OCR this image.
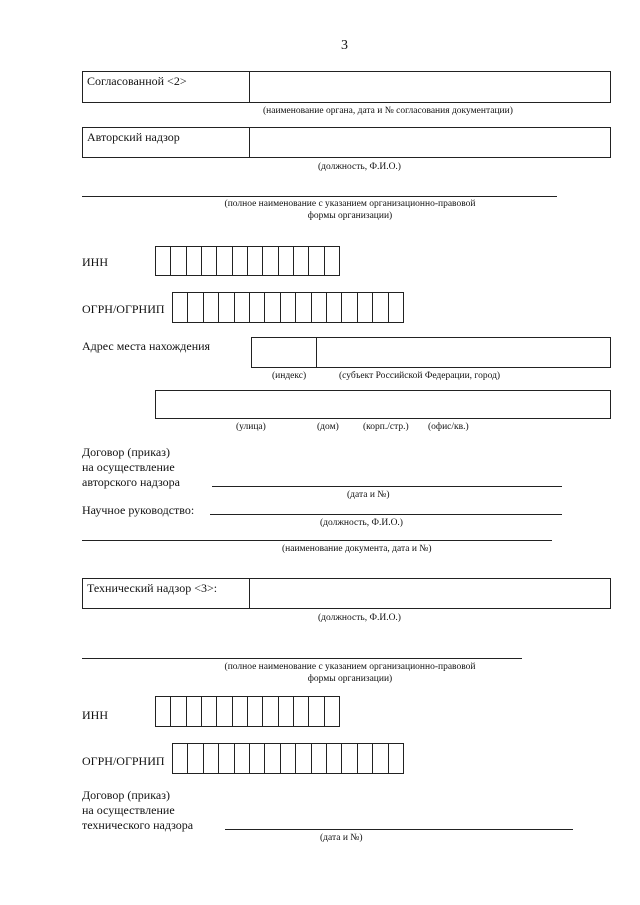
3
Согласованной <2>
(наименование органа, дата и № согласования документации)
Авторский надзор
(должность, Ф.И.О.)
(полное наименование с указанием организационно-правовой
формы организации)
ИНН
ОГРН/ОГРНИП
Адрес места нахождения
(индекс)	(субъект Российской Федерации, город)
(улица)	(дом)	(корп./стр.) (офис/кв.)
Договор (приказ)
на осуществление
авторского надзора
(дата и №)
Научное руководство:
(должность, Ф.И.О.)
(наименование документа, дата и №)
Технический надзор <3>:
(должность, Ф.И.О.)
(полное наименование с указанием организационно-правовой
формы организации)
ИНН
ОГРН/ОГРНИП
Договор (приказ)
на осуществление
технического надзора
(дата и №)
